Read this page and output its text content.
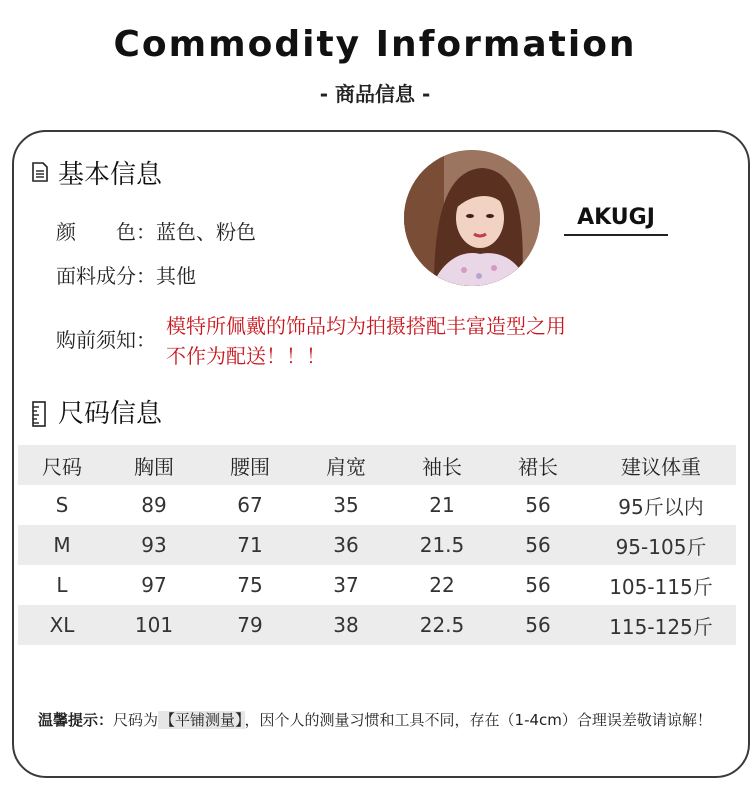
Commodity Information
- 商品信息 -
基本信息
颜　　色： 蓝色、粉色
面料成分： 其他
购前须知：
模特所佩戴的饰品均为拍摄搭配丰富造型之用
不作为配送！！！
AKUGJ
尺码信息
尺码	胸围	腰围	肩宽	袖长	裙长	建议体重
S	89	67	35	21	56	95斤以内
M	93	71	36	21.5	56	95-105斤
L	97	75	37	22	56	105-115斤
XL	101	79	38	22.5	56	115-125斤
温馨提示：尺码为 【平铺测量】 ，因个人的测量习惯和工具不同，存在（1-4cm）合理误差敬请谅解！
